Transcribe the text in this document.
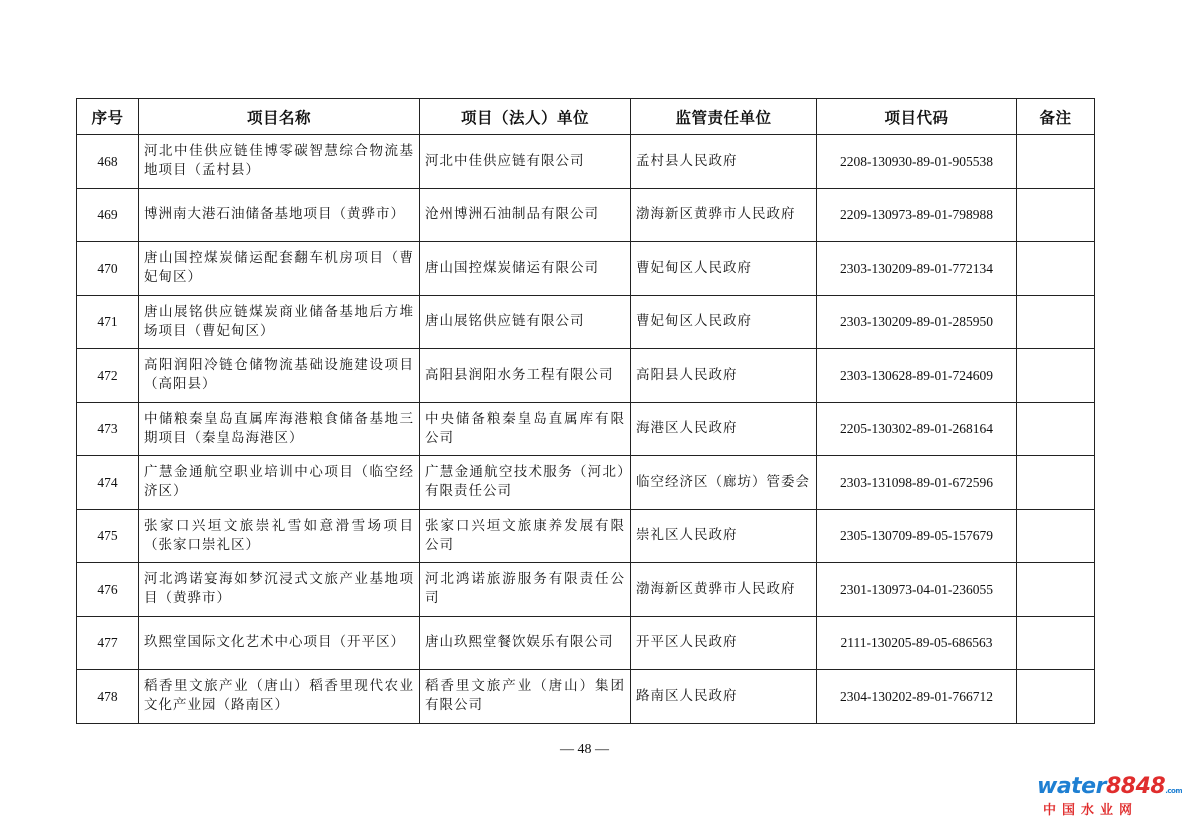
序号	项目名称	项目（法人）单位	监管责任单位	项目代码	备注
468	河北中佳供应链佳博零碳智慧综合物流基地项目（孟村县）	河北中佳供应链有限公司	孟村县人民政府	2208-130930-89-01-905538	
469	博洲南大港石油储备基地项目（黄骅市）	沧州博洲石油制品有限公司	渤海新区黄骅市人民政府	2209-130973-89-01-798988	
470	唐山国控煤炭储运配套翻车机房项目（曹妃甸区）	唐山国控煤炭储运有限公司	曹妃甸区人民政府	2303-130209-89-01-772134	
471	唐山展铭供应链煤炭商业储备基地后方堆场项目（曹妃甸区）	唐山展铭供应链有限公司	曹妃甸区人民政府	2303-130209-89-01-285950	
472	高阳润阳冷链仓储物流基础设施建设项目（高阳县）	高阳县润阳水务工程有限公司	高阳县人民政府	2303-130628-89-01-724609	
473	中储粮秦皇岛直属库海港粮食储备基地三期项目（秦皇岛海港区）	中央储备粮秦皇岛直属库有限公司	海港区人民政府	2205-130302-89-01-268164	
474	广慧金通航空职业培训中心项目（临空经济区）	广慧金通航空技术服务（河北）有限责任公司	临空经济区（廊坊）管委会	2303-131098-89-01-672596	
475	张家口兴垣文旅崇礼雪如意滑雪场项目（张家口崇礼区）	张家口兴垣文旅康养发展有限公司	崇礼区人民政府	2305-130709-89-05-157679	
476	河北鸿诺宴海如梦沉浸式文旅产业基地项目（黄骅市）	河北鸿诺旅游服务有限责任公司	渤海新区黄骅市人民政府	2301-130973-04-01-236055	
477	玖熙堂国际文化艺术中心项目（开平区）	唐山玖熙堂餐饮娱乐有限公司	开平区人民政府	2111-130205-89-05-686563	
478	稻香里文旅产业（唐山）稻香里现代农业文化产业园（路南区）	稻香里文旅产业（唐山）集团有限公司	路南区人民政府	2304-130202-89-01-766712	
— 48 —
water8848.com
中国水业网
